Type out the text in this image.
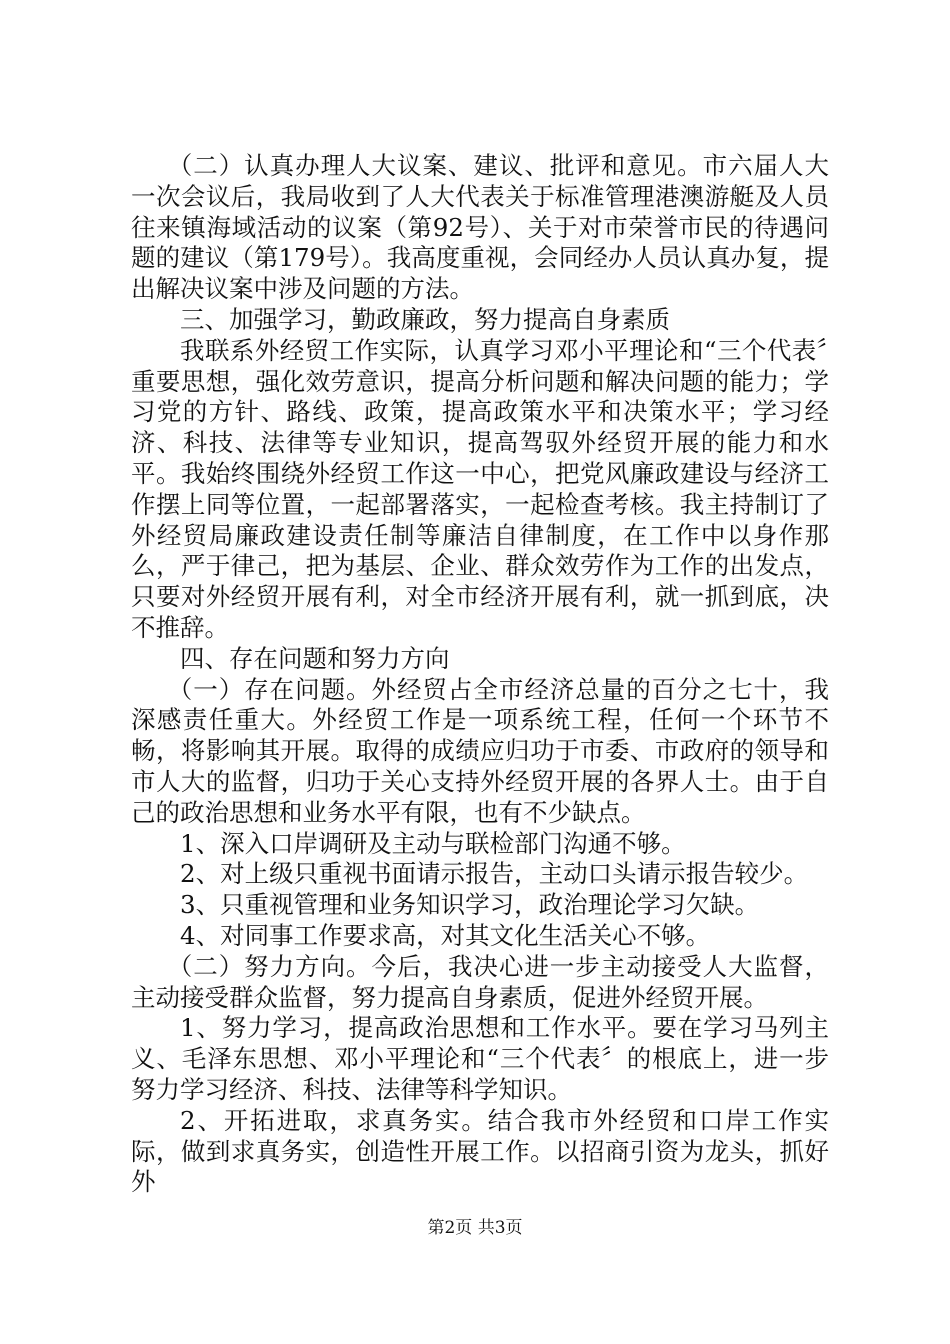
（二）认真办理人大议案、建议、批评和意见。市六届人大一次会议后，我局收到了人大代表关于标准管理港澳游艇及人员往来镇海域活动的议案（第92号）、关于对市荣誉市民的待遇问题的建议（第179号）。我高度重视，会同经办人员认真办复，提出解决议案中涉及问题的方法。

三、加强学习，勤政廉政，努力提高自身素质

我联系外经贸工作实际，认真学习邓小平理论和“三个代表〞重要思想，强化效劳意识，提高分析问题和解决问题的能力；学习党的方针、路线、政策，提高政策水平和决策水平；学习经济、科技、法律等专业知识，提高驾驭外经贸开展的能力和水平。我始终围绕外经贸工作这一中心，把党风廉政建设与经济工作摆上同等位置，一起部署落实，一起检查考核。我主持制订了外经贸局廉政建设责任制等廉洁自律制度，在工作中以身作那么，严于律己，把为基层、企业、群众效劳作为工作的出发点，只要对外经贸开展有利，对全市经济开展有利，就一抓到底，决不推辞。

四、存在问题和努力方向

（一）存在问题。外经贸占全市经济总量的百分之七十，我深感责任重大。外经贸工作是一项系统工程，任何一个环节不畅，将影响其开展。取得的成绩应归功于市委、市政府的领导和市人大的监督，归功于关心支持外经贸开展的各界人士。由于自己的政治思想和业务水平有限，也有不少缺点。

1、深入口岸调研及主动与联检部门沟通不够。

2、对上级只重视书面请示报告，主动口头请示报告较少。

3、只重视管理和业务知识学习，政治理论学习欠缺。

4、对同事工作要求高，对其文化生活关心不够。

（二）努力方向。今后，我决心进一步主动接受人大监督，主动接受群众监督，努力提高自身素质，促进外经贸开展。

1、努力学习，提高政治思想和工作水平。要在学习马列主义、毛泽东思想、邓小平理论和“三个代表〞的根底上，进一步努力学习经济、科技、法律等科学知识。

2、开拓进取，求真务实。结合我市外经贸和口岸工作实际，做到求真务实，创造性开展工作。以招商引资为龙头，抓好外

第2页 共3页
